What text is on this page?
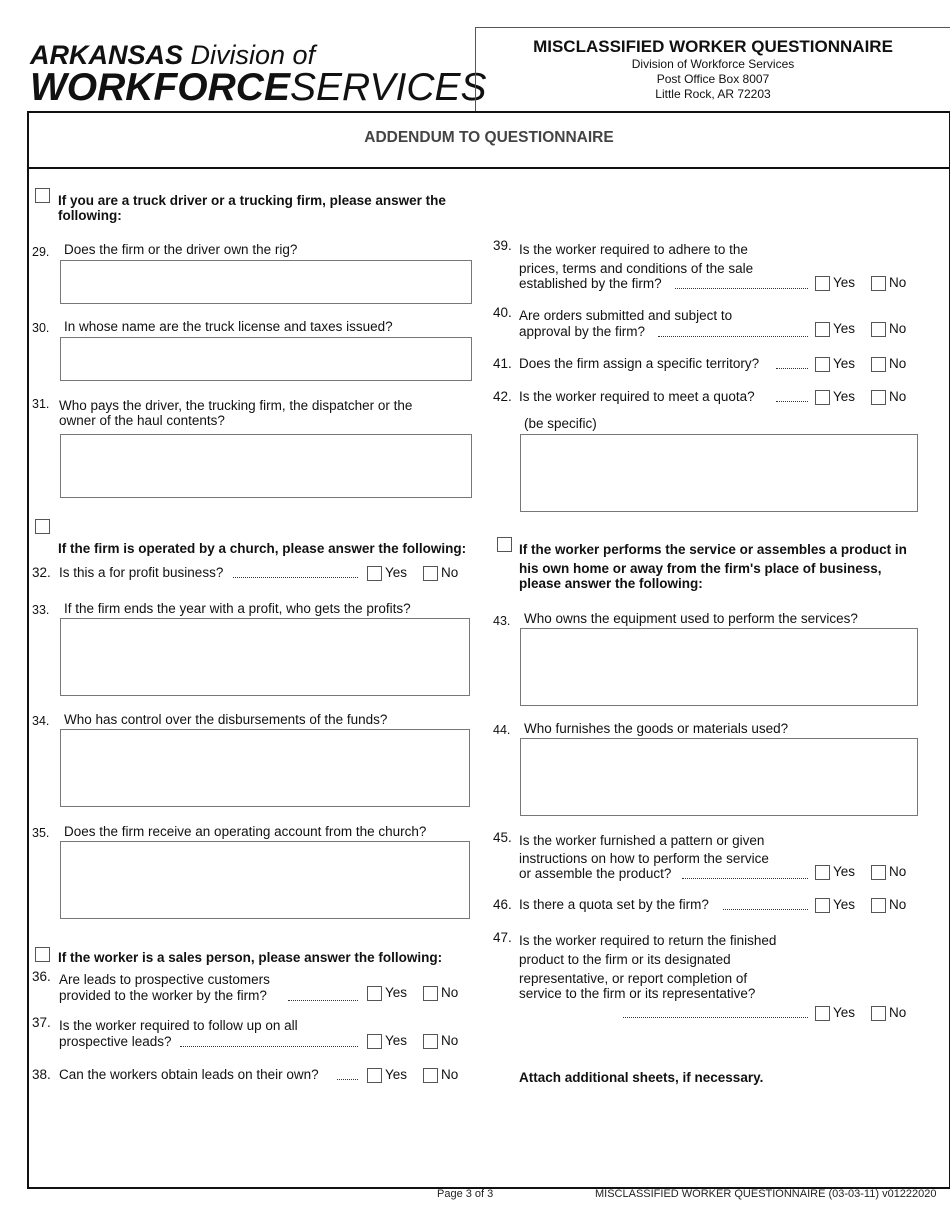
ARKANSAS Division of
WORKFORCESERVICES
MISCLASSIFIED WORKER QUESTIONNAIRE
Division of Workforce Services
Post Office Box 8007
Little Rock, AR 72203
ADDENDUM TO QUESTIONNAIRE
If you are a truck driver or a trucking firm, please answer the
following:
29. Does the firm or the driver own the rig?
30. In whose name are the truck license and taxes issued?
31. Who pays the driver, the trucking firm, the dispatcher or the
owner of the haul contents?
If the firm is operated by a church, please answer the following:
32. Is this a for profit business?	Yes	No
33. If the firm ends the year with a profit, who gets the profits?
34. Who has control over the disbursements of the funds?
35. Does the firm receive an operating account from the church?
If the worker is a sales person, please answer the following:
36. Are leads to prospective customers
provided to the worker by the firm?	Yes	No
37. Is the worker required to follow up on all
prospective leads?	Yes	No
38. Can the workers obtain leads on their own?	Yes	No
39. Is the worker required to adhere to the
prices, terms and conditions of the sale
established by the firm?	Yes	No
40. Are orders submitted and subject to
approval by the firm?	Yes	No
41. Does the firm assign a specific territory?	Yes	No
42. Is the worker required to meet a quota?	Yes	No
(be specific)
If the worker performs the service or assembles a product in
his own home or away from the firm's place of business,
please answer the following:
43. Who owns the equipment used to perform the services?
44. Who furnishes the goods or materials used?
45. Is the worker furnished a pattern or given
instructions on how to perform the service
or assemble the product?	Yes	No
46. Is there a quota set by the firm?	Yes	No
47. Is the worker required to return the finished
product to the firm or its designated
representative, or report completion of
service to the firm or its representative?
Yes	No
Attach additional sheets, if necessary.
Page 3 of 3	MISCLASSIFIED WORKER QUESTIONNAIRE (03-03-11) v01222020
